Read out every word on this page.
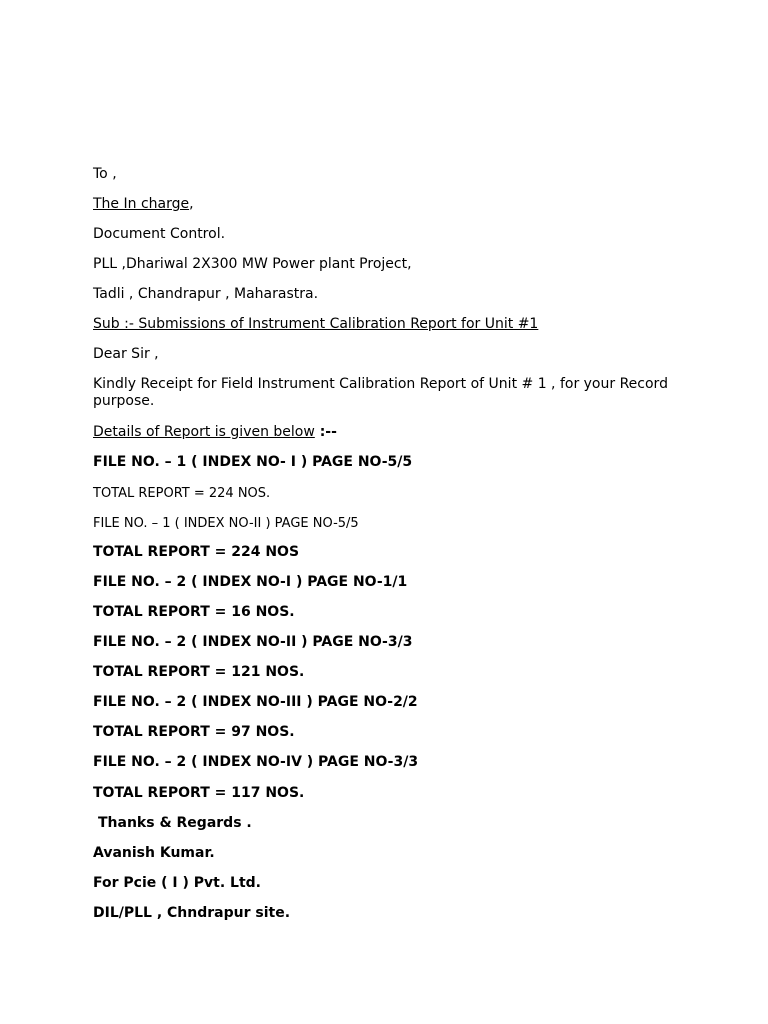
To ,
The In charge,
Document Control.
PLL ,Dhariwal 2X300 MW Power plant Project,
Tadli , Chandrapur , Maharastra.
Sub :- Submissions of Instrument Calibration Report for Unit #1
Dear Sir ,
Kindly Receipt for Field Instrument Calibration Report of Unit # 1 , for your Record purpose.
Details of Report is given below :--
FILE NO. – 1 ( INDEX NO- I ) PAGE NO-5/5
TOTAL REPORT = 224 NOS.
FILE NO. – 1 ( INDEX NO-II ) PAGE NO-5/5
TOTAL REPORT = 224 NOS
FILE NO. – 2 ( INDEX NO-I ) PAGE NO-1/1
TOTAL REPORT = 16 NOS.
FILE NO. – 2 ( INDEX NO-II ) PAGE NO-3/3
TOTAL REPORT = 121 NOS.
FILE NO. – 2 ( INDEX NO-III ) PAGE NO-2/2
TOTAL REPORT = 97 NOS.
FILE NO. – 2 ( INDEX NO-IV ) PAGE NO-3/3
TOTAL REPORT = 117 NOS.
Thanks & Regards .
Avanish Kumar.
For Pcie ( I ) Pvt. Ltd.
DIL/PLL , Chndrapur site.
